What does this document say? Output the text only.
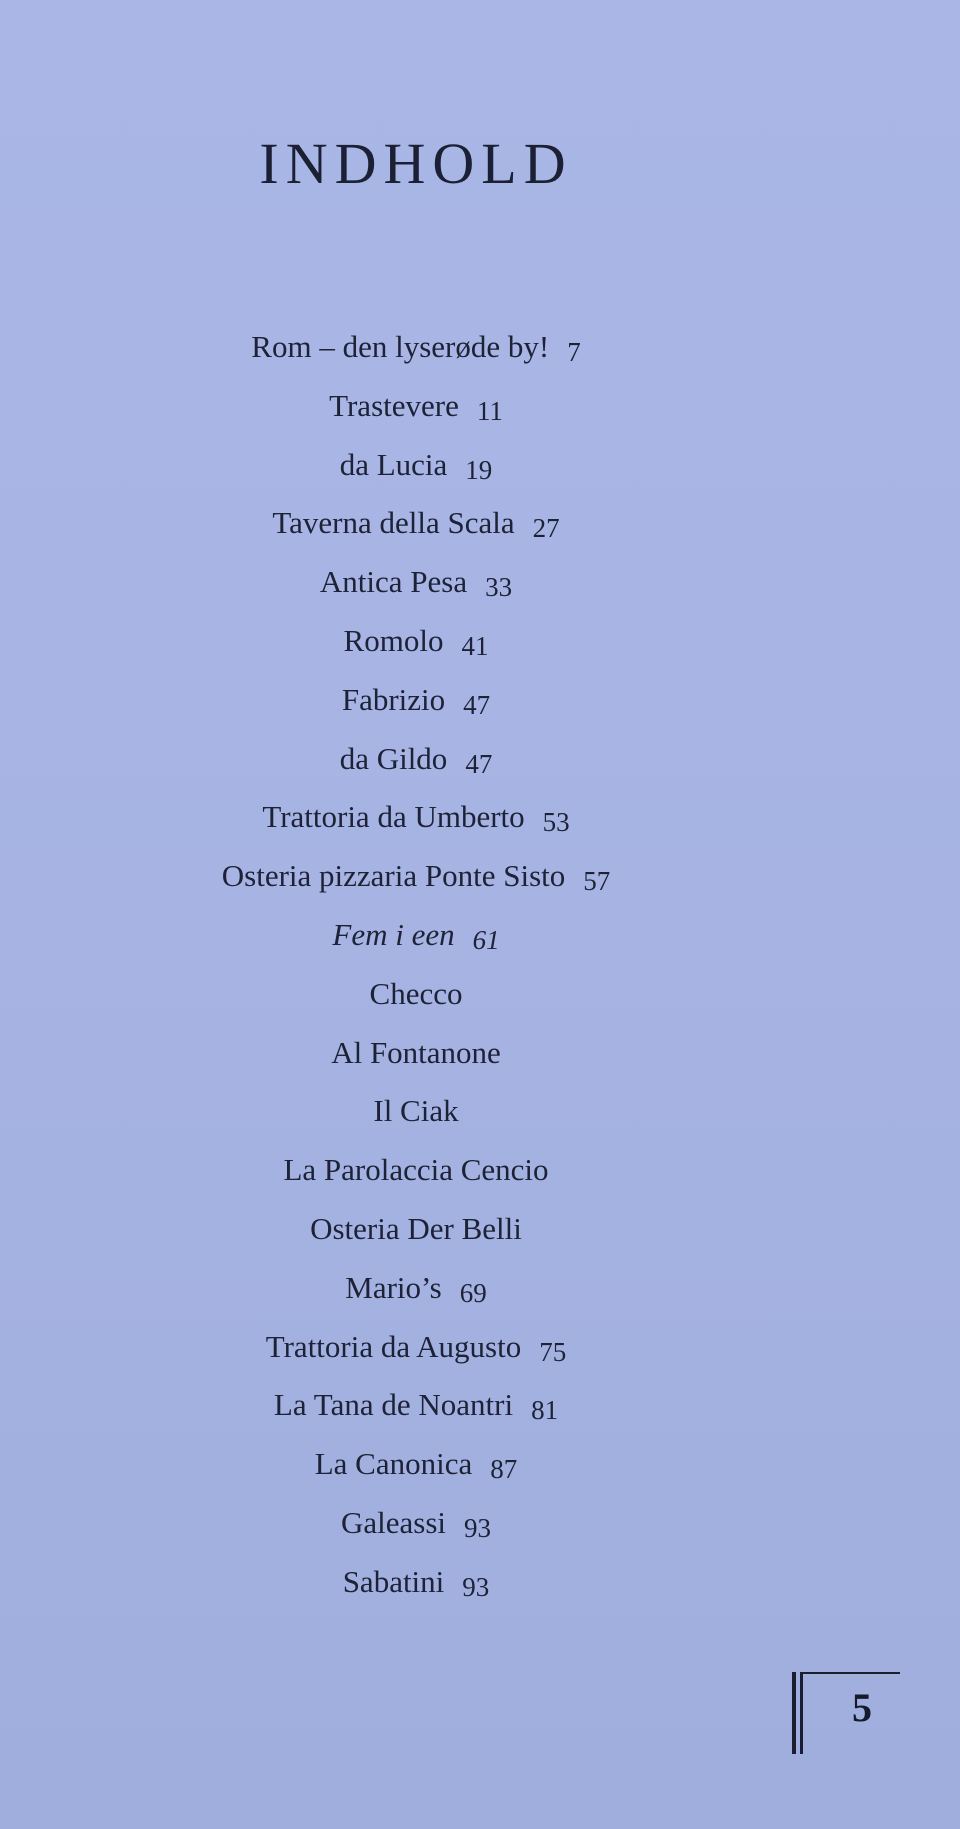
INDHOLD
Rom – den lyserøde by! 7
Trastevere 11
da Lucia 19
Taverna della Scala 27
Antica Pesa 33
Romolo 41
Fabrizio 47
da Gildo 47
Trattoria da Umberto 53
Osteria pizzaria Ponte Sisto 57
Fem i een 61
Checco
Al Fontanone
Il Ciak
La Parolaccia Cencio
Osteria Der Belli
Mario’s 69
Trattoria da Augusto 75
La Tana de Noantri 81
La Canonica 87
Galeassi 93
Sabatini 93
5
